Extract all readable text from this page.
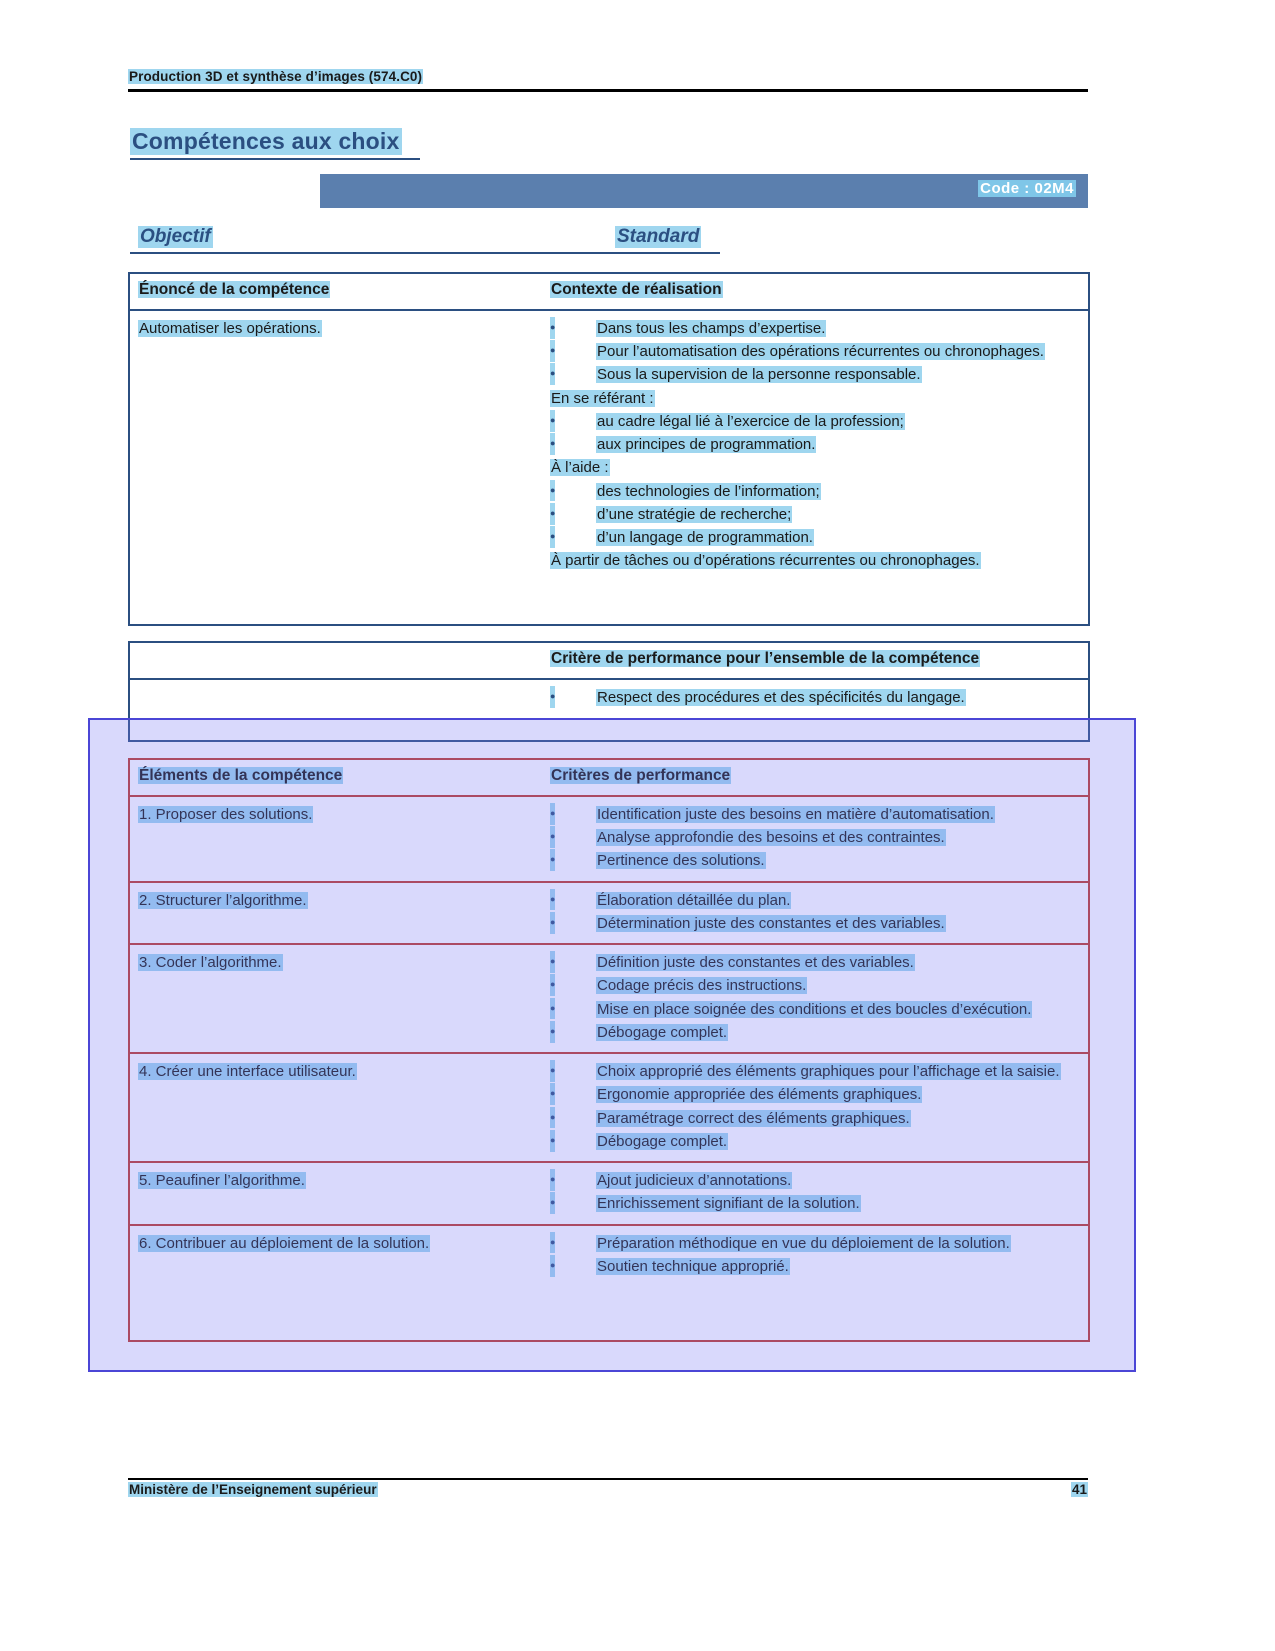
Production 3D et synthèse d’images (574.C0)
Compétences aux choix
Code : 02M4
Objectif	Standard
Énoncé de la compétence	Contexte de réalisation
Automatiser les opérations.	● Dans tous les champs d’expertise.
● Pour l’automatisation des opérations récurrentes ou chronophages.
● Sous la supervision de la personne responsable.
En se référant :
● au cadre légal lié à l’exercice de la profession;
● aux principes de programmation.
À l’aide :
● des technologies de l’information;
● d’une stratégie de recherche;
● d’un langage de programmation.
À partir de tâches ou d’opérations récurrentes ou chronophages.
Critère de performance pour l’ensemble de la compétence
● Respect des procédures et des spécificités du langage.
Éléments de la compétence	Critères de performance
1. Proposer des solutions.	● Identification juste des besoins en matière d’automatisation.
● Analyse approfondie des besoins et des contraintes.
● Pertinence des solutions.
2. Structurer l’algorithme.	● Élaboration détaillée du plan.
● Détermination juste des constantes et des variables.
3. Coder l’algorithme.	● Définition juste des constantes et des variables.
● Codage précis des instructions.
● Mise en place soignée des conditions et des boucles d’exécution.
● Débogage complet.
4. Créer une interface utilisateur.	● Choix approprié des éléments graphiques pour l’affichage et la saisie.
● Ergonomie appropriée des éléments graphiques.
● Paramétrage correct des éléments graphiques.
● Débogage complet.
5. Peaufiner l’algorithme.	● Ajout judicieux d’annotations.
● Enrichissement signifiant de la solution.
6. Contribuer au déploiement de la solution.	● Préparation méthodique en vue du déploiement de la solution.
● Soutien technique approprié.
Ministère de l’Enseignement supérieur	41
